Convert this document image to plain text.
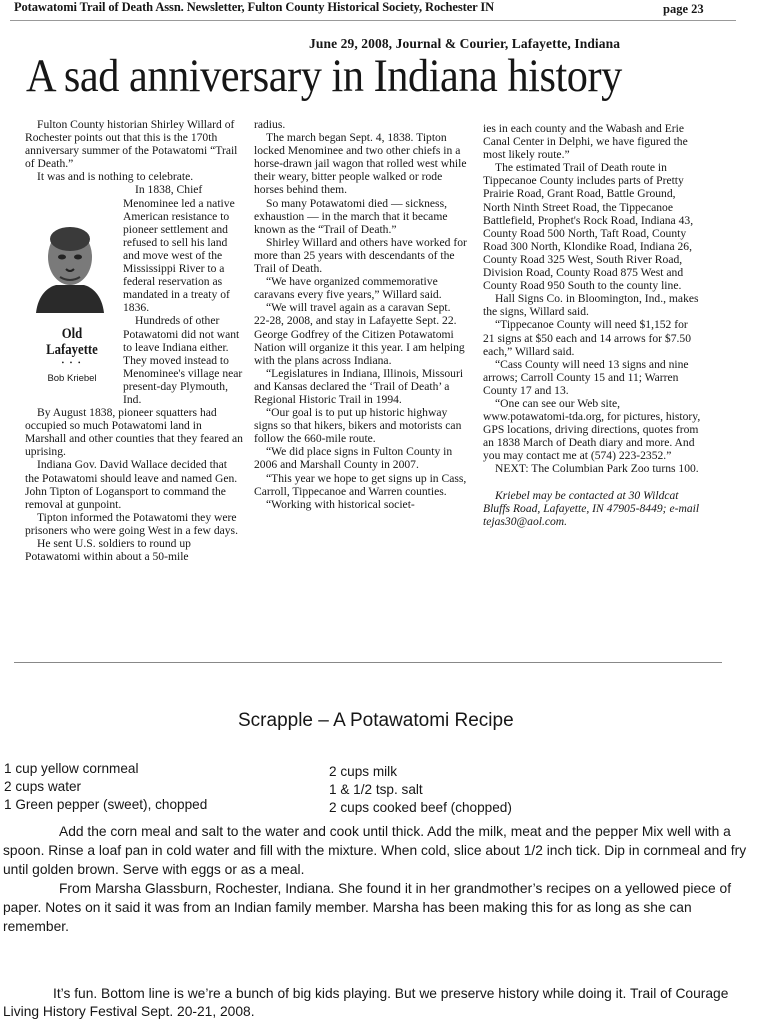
Potawatomi Trail of Death Assn. Newsletter, Fulton County Historical Society, Rochester IN	page 23
June 29, 2008, Journal & Courier, Lafayette, Indiana
A sad anniversary in Indiana history

Fulton County historian Shirley Willard of Rochester points out that this is the 170th anniversary summer of the Potawatomi “Trail of Death.”

It was and is nothing to celebrate.

In 1838, Chief Menominee led a native American resistance to pioneer settlement and refused to sell his land and move west of the Mississippi River to a federal reservation as mandated in a treaty of 1836.

Hundreds of other Potawatomi did not want to leave Indiana either. They moved instead to Menominee's village near present-day Plymouth, Ind.

By August 1838, pioneer squatters had occupied so much Potawatomi land in Marshall and other counties that they feared an uprising.

Indiana Gov. David Wallace decided that the Potawatomi should leave and named Gen. John Tipton of Logansport to command the removal at gunpoint.

Tipton informed the Potawatomi they were prisoners who were going West in a few days.

He sent U.S. soldiers to round up Potawatomi within about a 50-mile

Old Lafayette
• • •
Bob Kriebel

radius.

The march began Sept. 4, 1838. Tipton locked Menominee and two other chiefs in a horse-drawn jail wagon that rolled west while their weary, bitter people walked or rode horses behind them.

So many Potawatomi died — sickness, exhaustion — in the march that it became known as the “Trail of Death.”

Shirley Willard and others have worked for more than 25 years with descendants of the Trail of Death.

“We have organized commemorative caravans every five years,” Willard said.

“We will travel again as a caravan Sept. 22-28, 2008, and stay in Lafayette Sept. 22. George Godfrey of the Citizen Potawatomi Nation will organize it this year. I am helping with the plans across Indiana.

“Legislatures in Indiana, Illinois, Missouri and Kansas declared the ‘Trail of Death’ a Regional Historic Trail in 1994.

“Our goal is to put up historic highway signs so that hikers, bikers and motorists can follow the 660-mile route.

“We did place signs in Fulton County in 2006 and Marshall County in 2007.

“This year we hope to get signs up in Cass, Carroll, Tippecanoe and Warren counties.

“Working with historical societ-

ies in each county and the Wabash and Erie Canal Center in Delphi, we have figured the most likely route.”

The estimated Trail of Death route in Tippecanoe County includes parts of Pretty Prairie Road, Grant Road, Battle Ground, North Ninth Street Road, the Tippecanoe Battlefield, Prophet's Rock Road, Indiana 43, County Road 500 North, Taft Road, County Road 300 North, Klondike Road, Indiana 26, County Road 325 West, South River Road, Division Road, County Road 875 West and County Road 950 South to the county line.

Hall Signs Co. in Bloomington, Ind., makes the signs, Willard said.

“Tippecanoe County will need $1,152 for 21 signs at $50 each and 14 arrows for $7.50 each,” Willard said.

“Cass County will need 13 signs and nine arrows; Carroll County 15 and 11; Warren County 17 and 13.

“One can see our Web site, www.potawatomi-tda.org, for pictures, history, GPS locations, driving directions, quotes from an 1838 March of Death diary and more. And you may contact me at (574) 223-2352.”

NEXT: The Columbian Park Zoo turns 100.

Kriebel may be contacted at 30 Wildcat Bluffs Road, Lafayette, IN 47905-8449; e-mail tejas30@aol.com.

Scrapple – A Potawatomi Recipe
1 cup yellow cornmeal
2 cups water
1 Green pepper (sweet), chopped
2 cups milk
1 & 1/2 tsp. salt
2 cups cooked beef (chopped)

Add the corn meal and salt to the water and cook until thick. Add the milk, meat and the pepper Mix well with a spoon. Rinse a loaf pan in cold water and fill with the mixture. When cold, slice about 1/2 inch tick. Dip in cornmeal and fry until golden brown. Serve with eggs or as a meal.

From Marsha Glassburn, Rochester, Indiana. She found it in her grandmother’s recipes on a yellowed piece of paper. Notes on it said it was from an Indian family member. Marsha has been making this for as long as she can remember.

It’s fun. Bottom line is we’re a bunch of big kids playing. But we preserve history while doing it. Trail of Courage Living History Festival Sept. 20-21, 2008.
